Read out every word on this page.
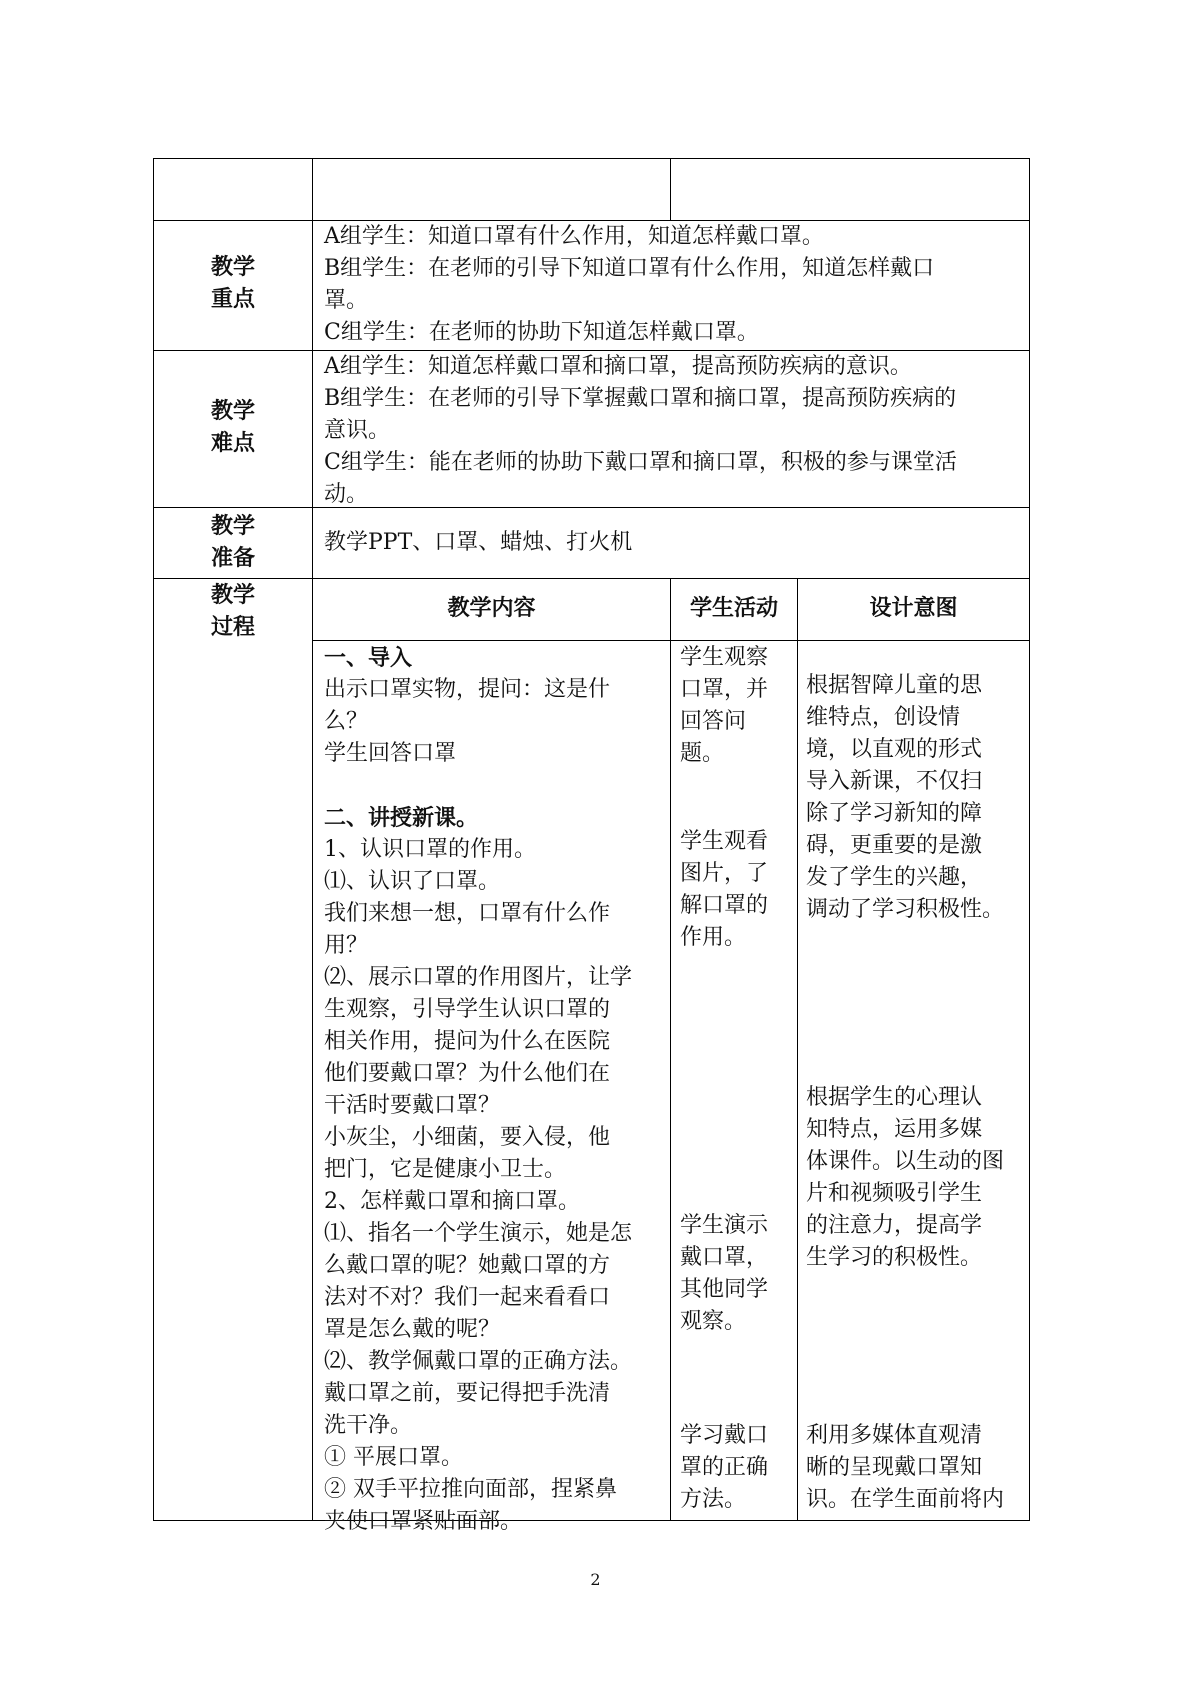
教学
重点
A组学生：知道口罩有什么作用，知道怎样戴口罩。
B组学生：在老师的引导下知道口罩有什么作用，知道怎样戴口
罩。
C组学生：在老师的协助下知道怎样戴口罩。
教学
难点
A组学生：知道怎样戴口罩和摘口罩，提高预防疾病的意识。
B组学生：在老师的引导下掌握戴口罩和摘口罩，提高预防疾病的
意识。
C组学生：能在老师的协助下戴口罩和摘口罩，积极的参与课堂活
动。
教学
准备
教学PPT、口罩、蜡烛、打火机
教学
过程
教学内容	学生活动	设计意图
一、导入
出示口罩实物，提问：这是什
么？
学生回答口罩
二、讲授新课。
1、认识口罩的作用。
⑴、认识了口罩。
我们来想一想，口罩有什么作
用？
⑵、展示口罩的作用图片，让学
生观察，引导学生认识口罩的
相关作用，提问为什么在医院
他们要戴口罩？为什么他们在
干活时要戴口罩？
小灰尘，小细菌，要入侵，他
把门，它是健康小卫士。
2、怎样戴口罩和摘口罩。
⑴、指名一个学生演示，她是怎
么戴口罩的呢？她戴口罩的方
法对不对？我们一起来看看口
罩是怎么戴的呢？
⑵、教学佩戴口罩的正确方法。
戴口罩之前，要记得把手洗清
洗干净。
① 平展口罩。
② 双手平拉推向面部，捏紧鼻
夹使口罩紧贴面部。
学生观察
口罩，并
回答问
题。
学生观看
图片，了
解口罩的
作用。
学生演示
戴口罩，
其他同学
观察。
学习戴口
罩的正确
方法。
根据智障儿童的思
维特点，创设情
境，以直观的形式
导入新课，不仅扫
除了学习新知的障
碍，更重要的是激
发了学生的兴趣，
调动了学习积极性。
根据学生的心理认
知特点，运用多媒
体课件。以生动的图
片和视频吸引学生
的注意力，提高学
生学习的积极性。
利用多媒体直观清
晰的呈现戴口罩知
识。在学生面前将内
2
